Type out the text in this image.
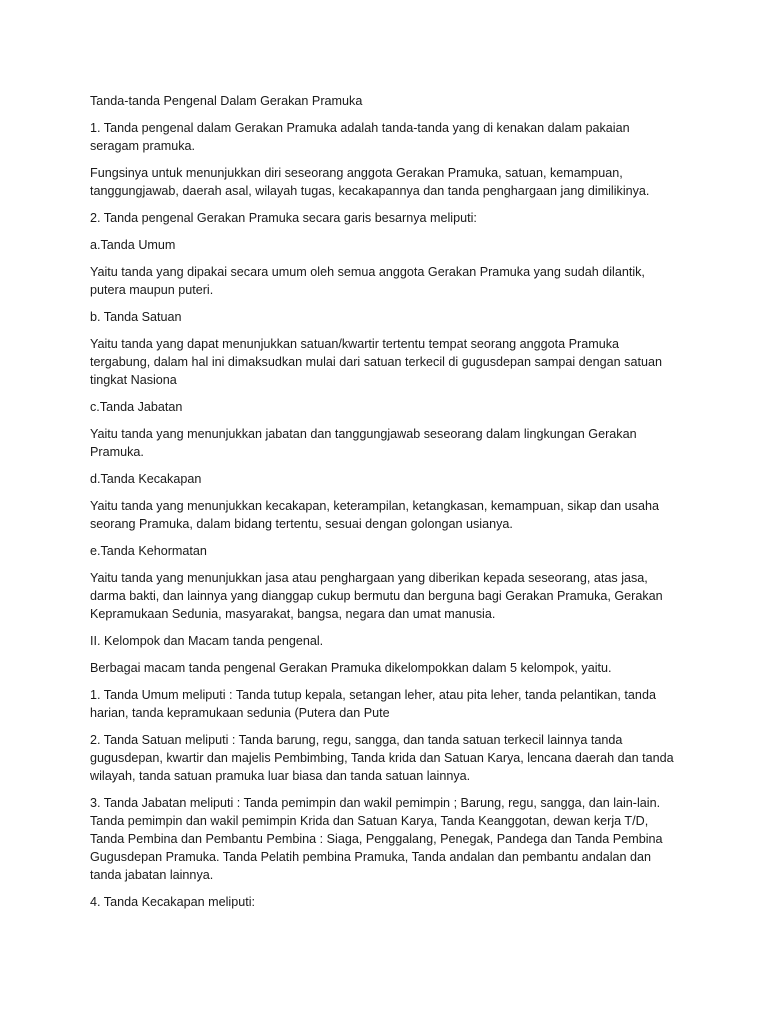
Tanda-tanda Pengenal Dalam Gerakan Pramuka

1. Tanda pengenal dalam Gerakan Pramuka adalah tanda-tanda yang di kenakan dalam pakaian seragam pramuka.

Fungsinya untuk menunjukkan diri seseorang anggota Gerakan Pramuka, satuan, kemampuan, tanggungjawab, daerah asal, wilayah tugas, kecakapannya dan tanda penghargaan jang dimilikinya.

2. Tanda pengenal Gerakan Pramuka secara garis besarnya meliputi:

a.Tanda Umum

Yaitu tanda yang dipakai secara umum oleh semua anggota Gerakan Pramuka yang sudah dilantik, putera maupun puteri.

b. Tanda Satuan

Yaitu tanda yang dapat menunjukkan satuan/kwartir tertentu tempat seorang anggota Pramuka tergabung, dalam hal ini dimaksudkan mulai dari satuan terkecil di gugusdepan sampai dengan satuan tingkat Nasiona

c.Tanda Jabatan

Yaitu tanda yang menunjukkan jabatan dan tanggungjawab seseorang dalam lingkungan Gerakan Pramuka.

d.Tanda Kecakapan

Yaitu tanda yang menunjukkan kecakapan, keterampilan, ketangkasan, kemampuan, sikap dan usaha seorang Pramuka, dalam bidang tertentu, sesuai dengan golongan usianya.

e.Tanda Kehormatan

Yaitu tanda yang menunjukkan jasa atau penghargaan yang diberikan kepada seseorang, atas jasa, darma bakti, dan lainnya yang dianggap cukup bermutu dan berguna bagi Gerakan Pramuka, Gerakan Kepramukaan Sedunia, masyarakat, bangsa, negara dan umat manusia.

II. Kelompok dan Macam tanda pengenal.

Berbagai macam tanda pengenal Gerakan Pramuka dikelompokkan dalam 5 kelompok, yaitu.

1. Tanda Umum meliputi : Tanda tutup kepala, setangan leher, atau pita leher, tanda pelantikan, tanda harian, tanda kepramukaan sedunia (Putera dan Pute

2. Tanda Satuan meliputi : Tanda barung, regu, sangga, dan tanda satuan terkecil lainnya tanda gugusdepan, kwartir dan majelis Pembimbing, Tanda krida dan Satuan Karya, lencana daerah dan tanda wilayah, tanda satuan pramuka luar biasa dan tanda satuan lainnya.

3. Tanda Jabatan meliputi : Tanda pemimpin dan wakil pemimpin ; Barung, regu, sangga, dan lain-lain. Tanda pemimpin dan wakil pemimpin Krida dan Satuan Karya, Tanda Keanggotan, dewan kerja T/D, Tanda Pembina dan Pembantu Pembina : Siaga, Penggalang, Penegak, Pandega dan Tanda Pembina Gugusdepan Pramuka. Tanda Pelatih pembina Pramuka, Tanda andalan dan pembantu andalan dan tanda jabatan lainnya.

4. Tanda Kecakapan meliputi:
